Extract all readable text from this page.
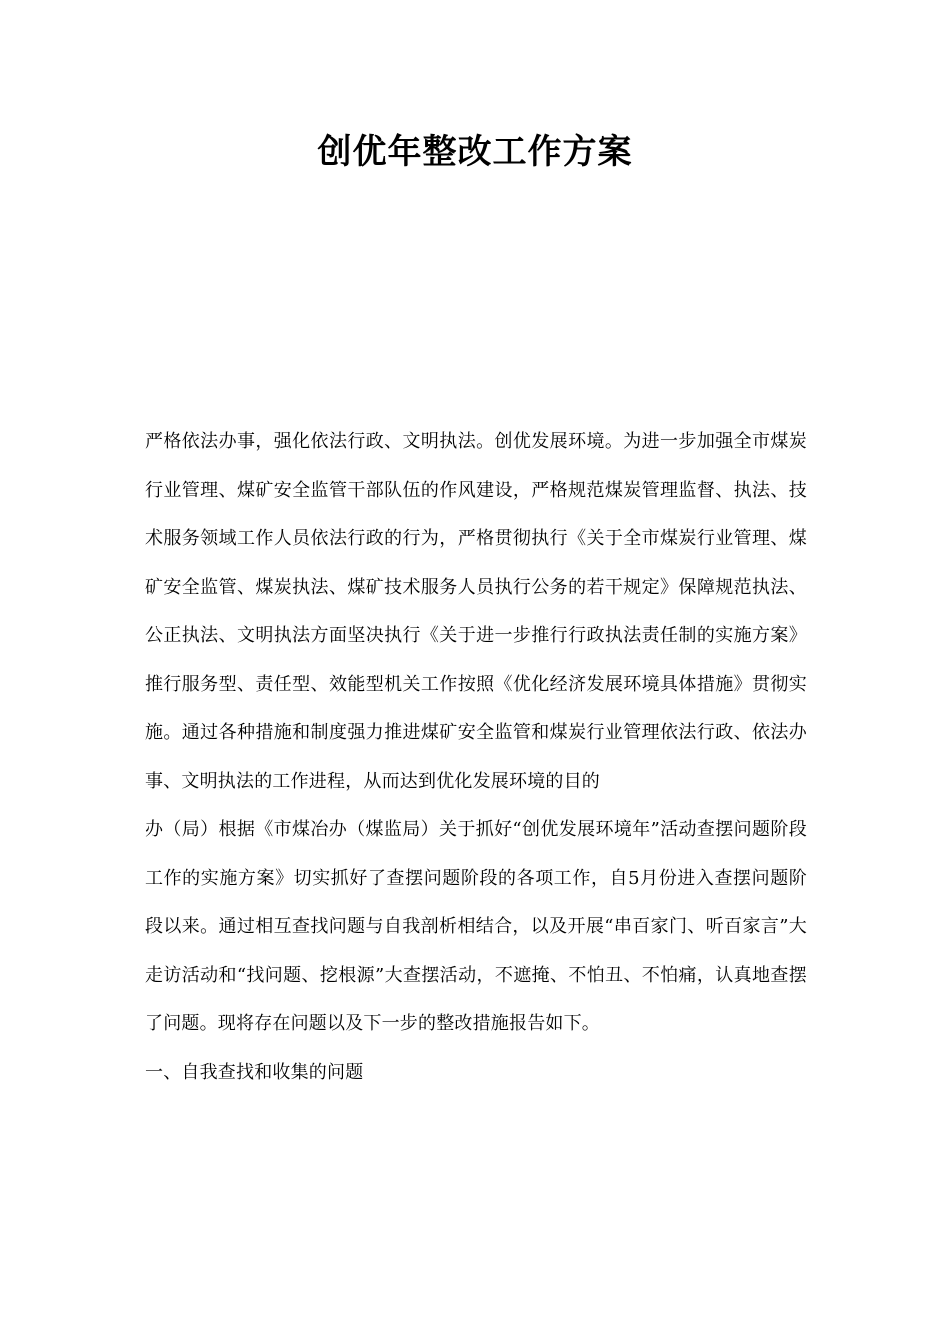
创优年整改工作方案

严格依法办事，强化依法行政、文明执法。创优发展环境。为进一步加强全市煤炭行业管理、煤矿安全监管干部队伍的作风建设，严格规范煤炭管理监督、执法、技术服务领域工作人员依法行政的行为，严格贯彻执行《关于全市煤炭行业管理、煤矿安全监管、煤炭执法、煤矿技术服务人员执行公务的若干规定》保障规范执法、公正执法、文明执法方面坚决执行《关于进一步推行行政执法责任制的实施方案》推行服务型、责任型、效能型机关工作按照《优化经济发展环境具体措施》贯彻实施。通过各种措施和制度强力推进煤矿安全监管和煤炭行业管理依法行政、依法办事、文明执法的工作进程，从而达到优化发展环境的目的

办（局）根据《市煤冶办（煤监局）关于抓好“创优发展环境年”活动查摆问题阶段工作的实施方案》切实抓好了查摆问题阶段的各项工作，自5月份进入查摆问题阶段以来。通过相互查找问题与自我剖析相结合，以及开展“串百家门、听百家言”大走访活动和“找问题、挖根源”大查摆活动，不遮掩、不怕丑、不怕痛，认真地查摆了问题。现将存在问题以及下一步的整改措施报告如下。

一、自我查找和收集的问题
